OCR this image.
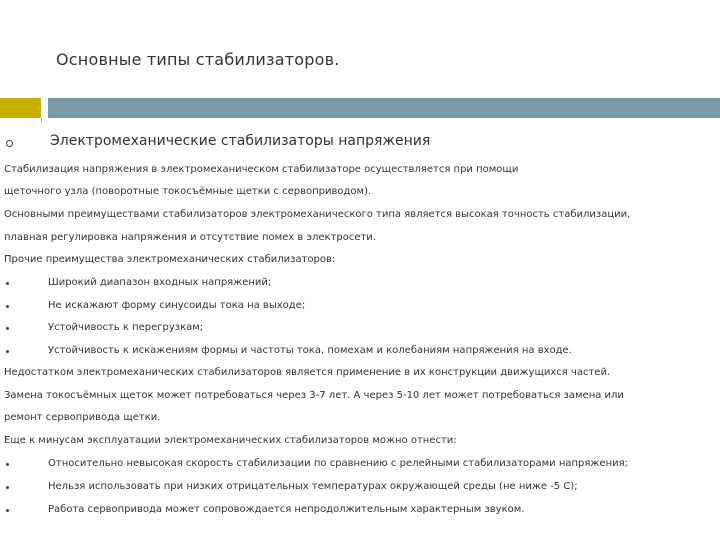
Основные типы стабилизаторов.
Электромеханические стабилизаторы напряжения
Стабилизация напряжения в электромеханическом стабилизаторе осуществляется при помощи
щеточного узла (поворотные токосъёмные щетки с сервоприводом).
Основными преимуществами стабилизаторов электромеханического типа является высокая точность стабилизации,
плавная регулировка напряжения и отсутствие помех в электросети.
Прочие преимущества электромеханических стабилизаторов:
Широкий диапазон входных напряжений;
Не искажают форму синусоиды тока на выходе;
Устойчивость к перегрузкам;
Устойчивость к искажениям формы и частоты тока, помехам и колебаниям напряжения на входе.
Недостатком электромеханических стабилизаторов является применение в их конструкции движущихся частей.
Замена токосъёмных щеток может потребоваться через 3-7 лет. А через 5-10 лет может потребоваться замена или
ремонт сервопривода щетки.
Еще к минусам эксплуатации электромеханических стабилизаторов можно отнести:
Относительно невысокая скорость стабилизации по сравнению с релейными стабилизаторами напряжения;
Нельзя использовать при низких отрицательных температурах окружающей среды (не ниже -5 С);
Работа сервопривода может сопровождается непродолжительным характерным звуком.
